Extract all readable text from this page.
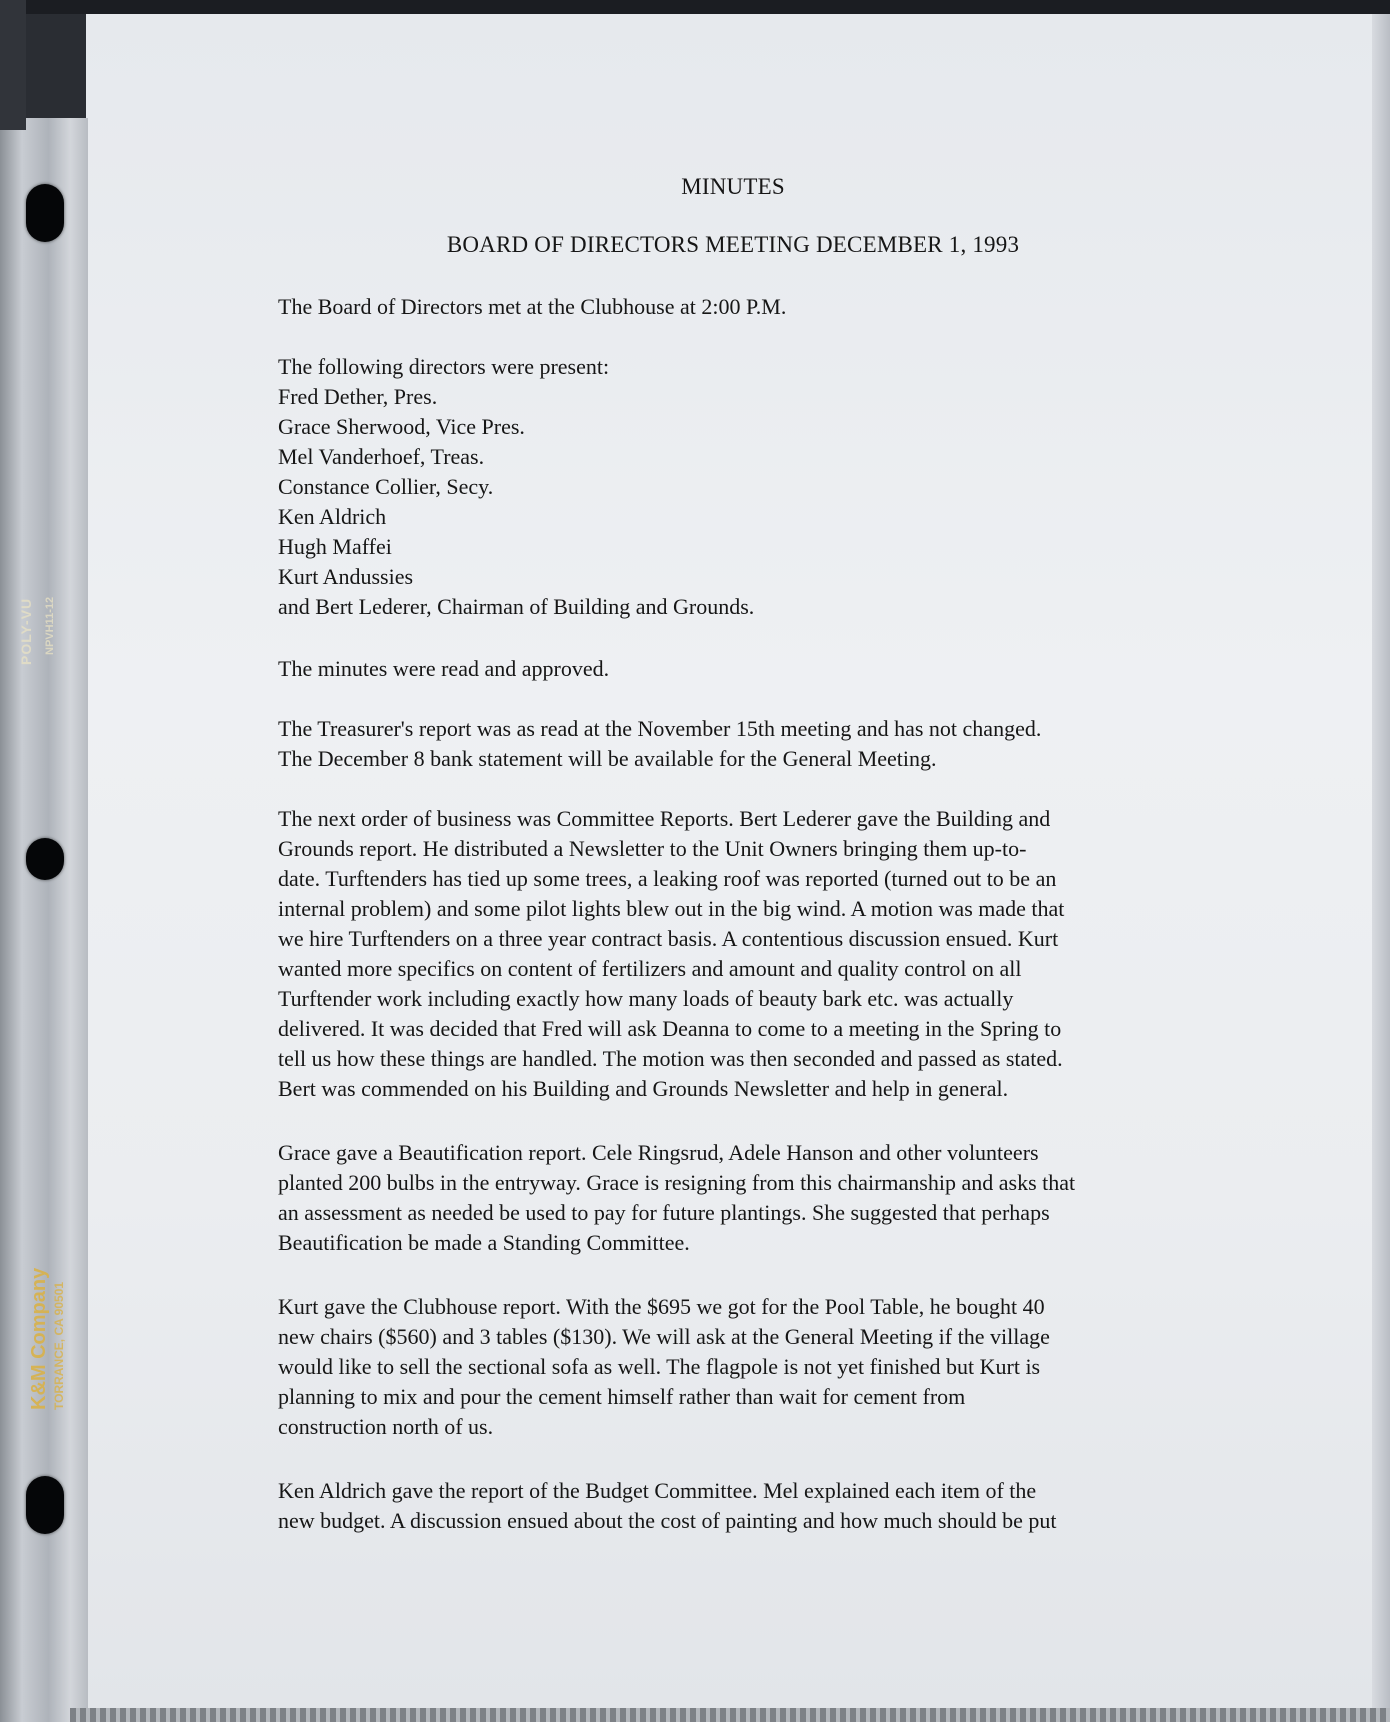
POLY-VU NPVH11-12
K&M Company TORRANCE, CA 90501
MINUTES
BOARD OF DIRECTORS MEETING DECEMBER 1, 1993

The Board of Directors met at the Clubhouse at 2:00 P.M.

The following directors were present:
Fred Dether, Pres.
Grace Sherwood, Vice Pres.
Mel Vanderhoef, Treas.
Constance Collier, Secy.
Ken Aldrich
Hugh Maffei
Kurt Andussies
and Bert Lederer, Chairman of Building and Grounds.

The minutes were read and approved.

The Treasurer's report was as read at the November 15th meeting and has not changed.
The December 8 bank statement will be available for the General Meeting.

The next order of business was Committee Reports. Bert Lederer gave the Building and
Grounds report. He distributed a Newsletter to the Unit Owners bringing them up-to-
date. Turftenders has tied up some trees, a leaking roof was reported (turned out to be an
internal problem) and some pilot lights blew out in the big wind. A motion was made that
we hire Turftenders on a three year contract basis. A contentious discussion ensued. Kurt
wanted more specifics on content of fertilizers and amount and quality control on all
Turftender work including exactly how many loads of beauty bark etc. was actually
delivered. It was decided that Fred will ask Deanna to come to a meeting in the Spring to
tell us how these things are handled. The motion was then seconded and passed as stated.
Bert was commended on his Building and Grounds Newsletter and help in general.

Grace gave a Beautification report. Cele Ringsrud, Adele Hanson and other volunteers
planted 200 bulbs in the entryway. Grace is resigning from this chairmanship and asks that
an assessment as needed be used to pay for future plantings. She suggested that perhaps
Beautification be made a Standing Committee.

Kurt gave the Clubhouse report. With the $695 we got for the Pool Table, he bought 40
new chairs ($560) and 3 tables ($130). We will ask at the General Meeting if the village
would like to sell the sectional sofa as well. The flagpole is not yet finished but Kurt is
planning to mix and pour the cement himself rather than wait for cement from
construction north of us.

Ken Aldrich gave the report of the Budget Committee. Mel explained each item of the
new budget. A discussion ensued about the cost of painting and how much should be put
